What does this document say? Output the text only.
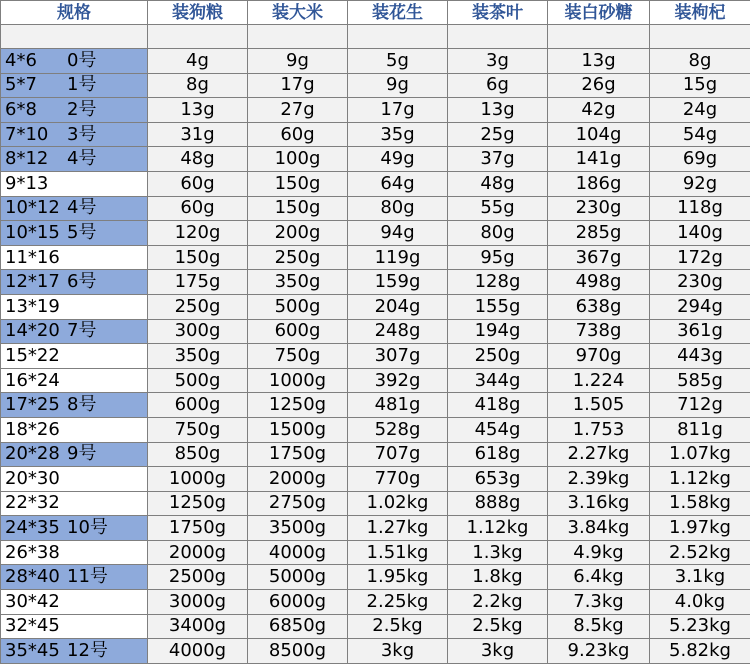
规格	装狗粮	装大米	装花生	装茶叶	装白砂糖	装枸杞

4*6 0号	4g	9g	5g	3g	13g	8g
5*7 1号	8g	17g	9g	6g	26g	15g
6*8 2号	13g	27g	17g	13g	42g	24g
7*10 3号	31g	60g	35g	25g	104g	54g
8*12 4号	48g	100g	49g	37g	141g	69g
9*13	60g	150g	64g	48g	186g	92g
10*12 4号	60g	150g	80g	55g	230g	118g
10*15 5号	120g	200g	94g	80g	285g	140g
11*16	150g	250g	119g	95g	367g	172g
12*17 6号	175g	350g	159g	128g	498g	230g
13*19	250g	500g	204g	155g	638g	294g
14*20 7号	300g	600g	248g	194g	738g	361g
15*22	350g	750g	307g	250g	970g	443g
16*24	500g	1000g	392g	344g	1.224	585g
17*25 8号	600g	1250g	481g	418g	1.505	712g
18*26	750g	1500g	528g	454g	1.753	811g
20*28 9号	850g	1750g	707g	618g	2.27kg	1.07kg
20*30	1000g	2000g	770g	653g	2.39kg	1.12kg
22*32	1250g	2750g	1.02kg	888g	3.16kg	1.58kg
24*35 10号	1750g	3500g	1.27kg	1.12kg	3.84kg	1.97kg
26*38	2000g	4000g	1.51kg	1.3kg	4.9kg	2.52kg
28*40 11号	2500g	5000g	1.95kg	1.8kg	6.4kg	3.1kg
30*42	3000g	6000g	2.25kg	2.2kg	7.3kg	4.0kg
32*45	3400g	6850g	2.5kg	2.5kg	8.5kg	5.23kg
35*45 12号	4000g	8500g	3kg	3kg	9.23kg	5.82kg
